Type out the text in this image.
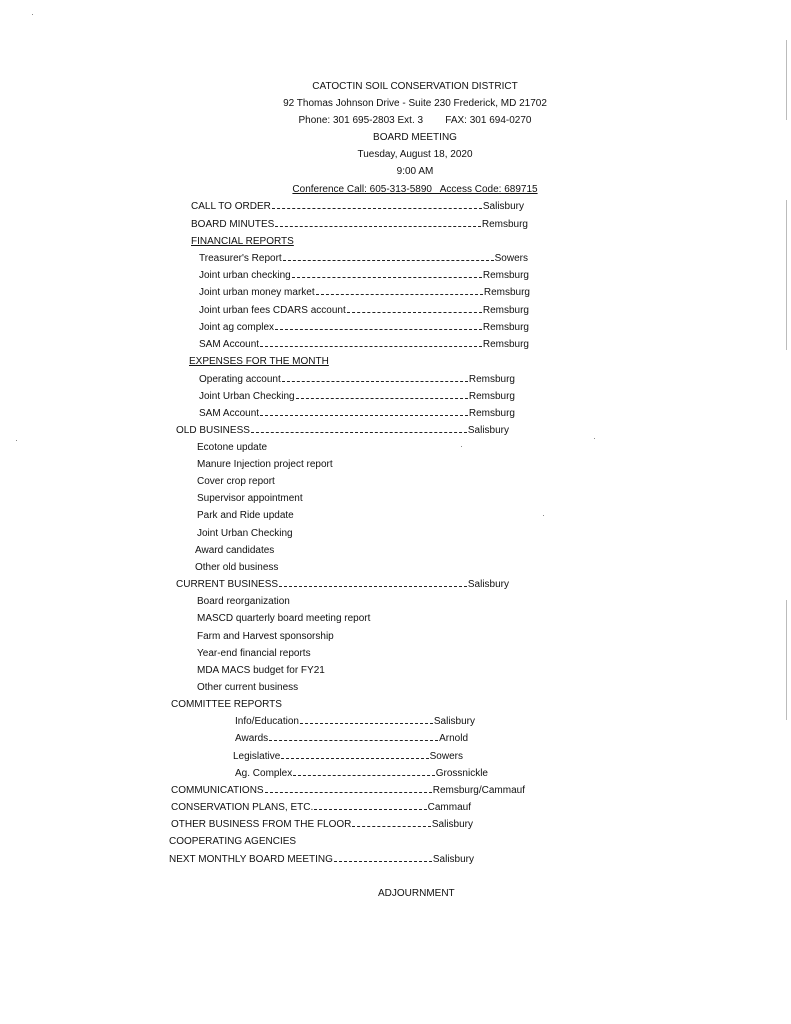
CATOCTIN SOIL CONSERVATION DISTRICT
92 Thomas Johnson Drive - Suite 230 Frederick, MD 21702
Phone: 301 695-2803 Ext. 3        FAX: 301 694-0270
BOARD MEETING
Tuesday, August 18, 2020
9:00 AM
Conference Call: 605-313-5890   Access Code: 689715
CALL TO ORDER	Salisbury
BOARD MINUTES	Remsburg
FINANCIAL REPORTS
Treasurer's Report	Sowers
Joint urban checking	Remsburg
Joint urban money market	Remsburg
Joint urban fees CDARS account	Remsburg
Joint ag complex	Remsburg
SAM Account	Remsburg
EXPENSES FOR THE MONTH
Operating account	Remsburg
Joint Urban Checking	Remsburg
SAM Account	Remsburg
OLD BUSINESS	Salisbury
Ecotone update
Manure Injection project report
Cover crop report
Supervisor appointment
Park and Ride update
Joint Urban Checking
Award candidates
Other old business
CURRENT BUSINESS	Salisbury
Board reorganization
MASCD quarterly board meeting report
Farm and Harvest sponsorship
Year-end financial reports
MDA MACS budget for FY21
Other current business
COMMITTEE REPORTS
Info/Education	Salisbury
Awards	Arnold
Legislative	Sowers
Ag. Complex	Grossnickle
COMMUNICATIONS	Remsburg/Cammauf
CONSERVATION PLANS, ETC.	Cammauf
OTHER BUSINESS FROM THE FLOOR	Salisbury
COOPERATING AGENCIES
NEXT MONTHLY BOARD MEETING	Salisbury
ADJOURNMENT
